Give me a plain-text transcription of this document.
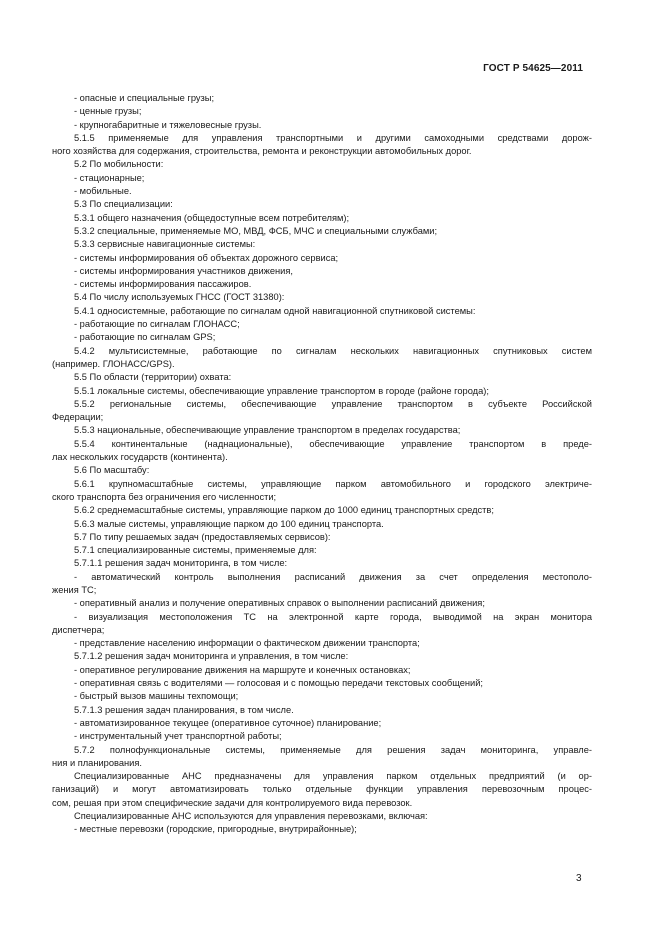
ГОСТ Р 54625—2011
- опасные и специальные грузы;
- ценные грузы;
- крупногабаритные и тяжеловесные грузы.
5.1.5 применяемые для управления транспортными и другими самоходными средствами дорож-
ного хозяйства для содержания, строительства, ремонта и реконструкции автомобильных дорог.
5.2 По мобильности:
- стационарные;
- мобильные.
5.3 По специализации:
5.3.1 общего назначения (общедоступные всем потребителям);
5.3.2 специальные, применяемые МО, МВД, ФСБ, МЧС и специальными службами;
5.3.3 сервисные навигационные системы:
- системы информирования об объектах дорожного сервиса;
- системы информирования участников движения,
- системы информирования пассажиров.
5.4 По числу используемых ГНСС (ГОСТ 31380):
5.4.1 односистемные, работающие по сигналам одной навигационной спутниковой системы:
- работающие по сигналам ГЛОНАСС;
- работающие по сигналам GPS;
5.4.2 мультисистемные, работающие по сигналам нескольких навигационных спутниковых систем
(например. ГЛОНАСС/GPS).
5.5 По области (территории) охвата:
5.5.1 локальные системы, обеспечивающие управление транспортом в городе (районе города);
5.5.2 региональные системы, обеспечивающие управление транспортом в субъекте Российской
Федерации;
5.5.3 национальные, обеспечивающие управление транспортом в пределах государства;
5.5.4 континентальные (наднациональные), обеспечивающие управление транспортом в преде-
лах нескольких государств (континента).
5.6 По масштабу:
5.6.1 крупномасштабные системы, управляющие парком автомобильного и городского электриче-
ского транспорта без ограничения его численности;
5.6.2 среднемасштабные системы, управляющие парком до 1000 единиц транспортных средств;
5.6.3 малые системы, управляющие парком до 100 единиц транспорта.
5.7 По типу решаемых задач (предоставляемых сервисов):
5.7.1 специализированные системы, применяемые для:
5.7.1.1 решения задач мониторинга, в том числе:
- автоматический контроль выполнения расписаний движения за счет определения местополо-
жения ТС;
- оперативный анализ и получение оперативных справок о выполнении расписаний движения;
- визуализация местоположения ТС на электронной карте города, выводимой на экран монитора
диспетчера;
- представление населению информации о фактическом движении транспорта;
5.7.1.2 решения задач мониторинга и управления, в том числе:
- оперативное регулирование движения на маршруте и конечных остановках;
- оперативная связь с водителями — голосовая и с помощью передачи текстовых сообщений;
- быстрый вызов машины техпомощи;
5.7.1.3 решения задач планирования, в том числе.
- автоматизированное текущее (оперативное суточное) планирование;
- инструментальный учет транспортной работы;
5.7.2 полнофункциональные системы, применяемые для решения задач мониторинга, управле-
ния и планирования.
Специализированные АНС предназначены для управления парком отдельных предприятий (и ор-
ганизаций) и могут автоматизировать только отдельные функции управления перевозочным процес-
сом, решая при этом специфические задачи для контролируемого вида перевозок.
Специализированные АНС используются для управления перевозками, включая:
- местные перевозки (городские, пригородные, внутрирайонные);
3
